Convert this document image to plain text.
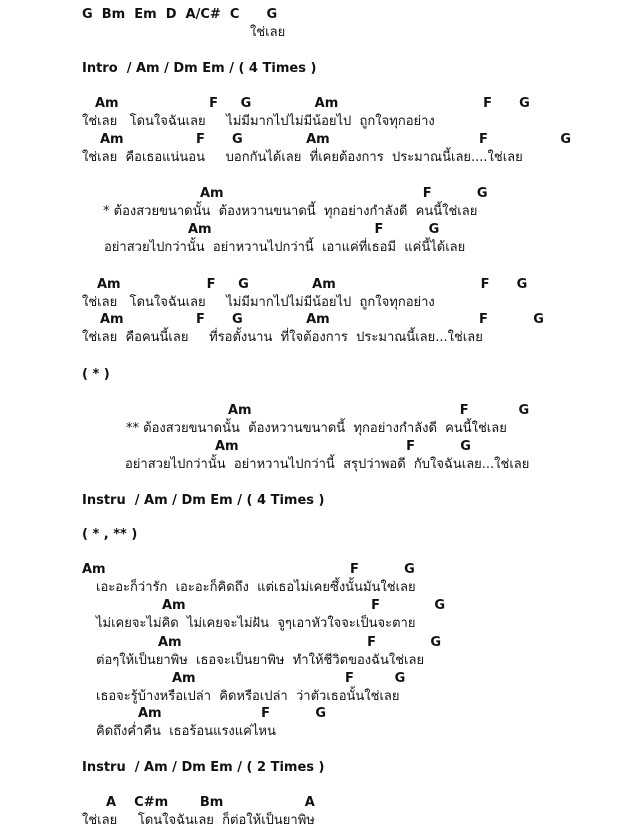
G  Bm  Em  D  A/C#  C      G
ใช่เลย
Intro  / Am / Dm Em / ( 4 Times )
Am                    F     G              Am                                F      G
ใช่เลย   โดนใจฉันเลย     ไม่มีมากไปไม่มีน้อยไป  ถูกใจทุกอย่าง
Am                F      G              Am                                 F                G
ใช่เลย  คือเธอแน่นอน     บอกกันได้เลย  ที่เคยต้องการ  ประมาณนี้เลย....ใช่เลย
Am                                            F          G
* ต้องสวยขนาดนั้น  ต้องหวานขนาดนี้  ทุกอย่างกำลังดี  คนนี้ใช่เลย
Am                                    F          G
อย่าสวยไปกว่านั้น  อย่าหวานไปกว่านี้  เอาแค่ที่เธอมี  แค่นี้ได้เลย
Am                   F     G              Am                                F      G
ใช่เลย   โดนใจฉันเลย     ไม่มีมากไปไม่มีน้อยไป  ถูกใจทุกอย่าง
Am                F      G              Am                                 F          G
ใช่เลย  คือคนนี้เลย     ที่รอตั้งนาน  ที่ใจต้องการ  ประมาณนี้เลย...ใช่เลย
( * )
Am                                              F           G
** ต้องสวยขนาดนั้น  ต้องหวานขนาดนี้  ทุกอย่างกำลังดี  คนนี้ใช่เลย
Am                                     F          G
อย่าสวยไปกว่านั้น  อย่าหวานไปกว่านี้  สรุปว่าพอดี  กับใจฉันเลย...ใช่เลย
Instru  / Am / Dm Em / ( 4 Times )
( * , ** )
Am                                                      F          G
เอะอะก็ว่ารัก  เอะอะก็คิดถึง  แต่เธอไม่เคยซึ้งนั้นมันใช่เลย
Am                                         F            G
ไม่เคยจะไม่คิด  ไม่เคยจะไม่ฝัน  จูๆเอาหัวใจจะเป็นจะตาย
Am                                         F            G
ต่อๆให้เป็นยาพิษ  เธอจะเป็นยาพิษ  ทำให้ชีวิตของฉันใช่เลย
Am                                 F         G
เธอจะรู้บ้างหรือเปล่า  คิดหรือเปล่า  ว่าตัวเธอนั้นใช่เลย
Am                      F          G
คิดถึงค่ำคืน  เธอร้อนแรงแค่ไหน
Instru  / Am / Dm Em / ( 2 Times )
A    C#m       Bm                  A
ใช่เลย     โดนใจฉันเลย  ก็ต่อให้เป็นยาพิษ
